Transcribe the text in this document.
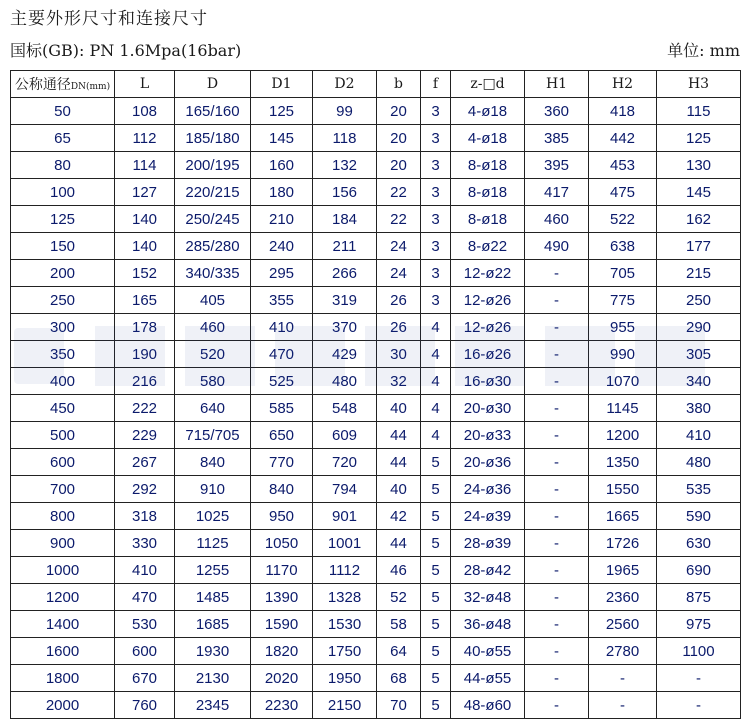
主要外形尺寸和连接尺寸
国标(GB): PN 1.6Mpa(16bar)	单位: mm
公称通径DN(mm)	L	D	D1	D2	b	f	z-□d	H1	H2	H3
50	108	165/160	125	99	20	3	4-ø18	360	418	115
65	112	185/180	145	118	20	3	4-ø18	385	442	125
80	114	200/195	160	132	20	3	8-ø18	395	453	130
100	127	220/215	180	156	22	3	8-ø18	417	475	145
125	140	250/245	210	184	22	3	8-ø18	460	522	162
150	140	285/280	240	211	24	3	8-ø22	490	638	177
200	152	340/335	295	266	24	3	12-ø22	-	705	215
250	165	405	355	319	26	3	12-ø26	-	775	250
300	178	460	410	370	26	4	12-ø26	-	955	290
350	190	520	470	429	30	4	16-ø26	-	990	305
400	216	580	525	480	32	4	16-ø30	-	1070	340
450	222	640	585	548	40	4	20-ø30	-	1145	380
500	229	715/705	650	609	44	4	20-ø33	-	1200	410
600	267	840	770	720	44	5	20-ø36	-	1350	480
700	292	910	840	794	40	5	24-ø36	-	1550	535
800	318	1025	950	901	42	5	24-ø39	-	1665	590
900	330	1125	1050	1001	44	5	28-ø39	-	1726	630
1000	410	1255	1170	1112	46	5	28-ø42	-	1965	690
1200	470	1485	1390	1328	52	5	32-ø48	-	2360	875
1400	530	1685	1590	1530	58	5	36-ø48	-	2560	975
1600	600	1930	1820	1750	64	5	40-ø55	-	2780	1100
1800	670	2130	2020	1950	68	5	44-ø55	-	-	-
2000	760	2345	2230	2150	70	5	48-ø60	-	-	-
